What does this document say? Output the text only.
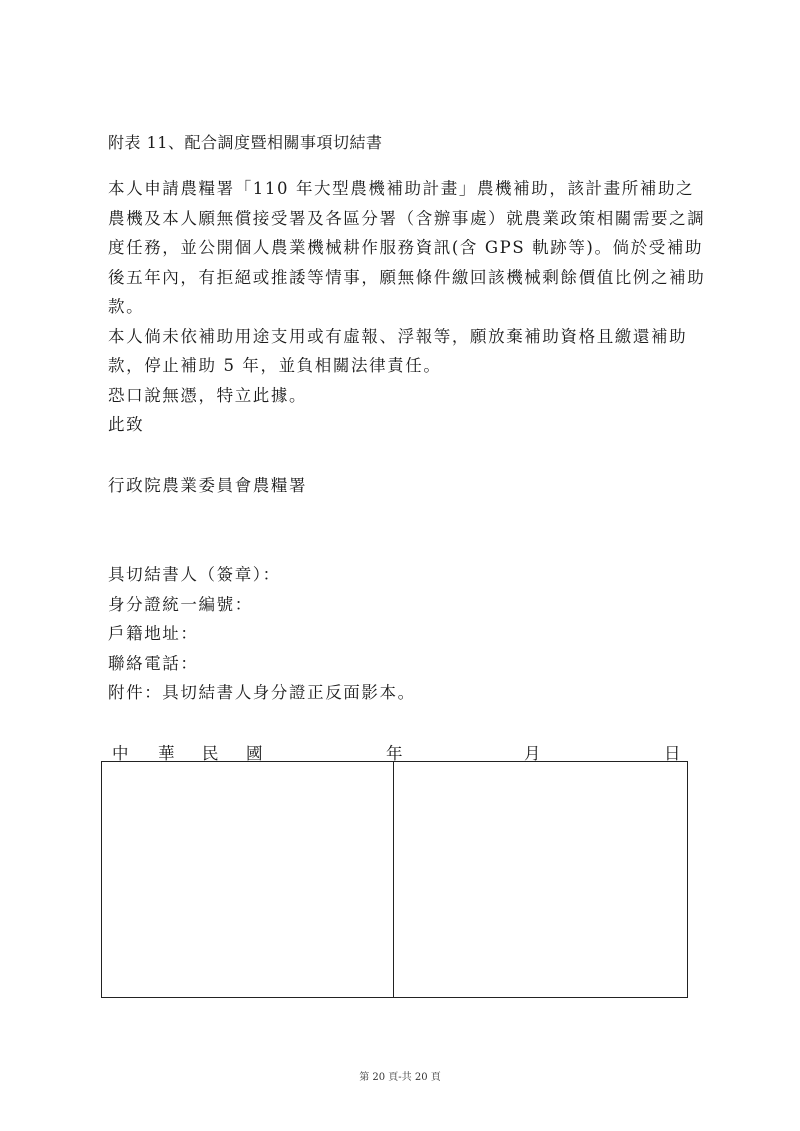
附表 11、配合調度暨相關事項切結書

本人申請農糧署「110 年大型農機補助計畫」農機補助，該計畫所補助之農機及本人願無償接受署及各區分署（含辦事處）就農業政策相關需要之調度任務，並公開個人農業機械耕作服務資訊(含 GPS 軌跡等)。倘於受補助後五年內，有拒絕或推諉等情事，願無條件繳回該機械剩餘價值比例之補助款。

本人倘未依補助用途支用或有虛報、浮報等，願放棄補助資格且繳還補助款，停止補助 5 年，並負相關法律責任。

恐口說無憑，特立此據。

此致

行政院農業委員會農糧署
具切結書人（簽章）：
身分證統一編號：
戶籍地址：
聯絡電話：
附件：具切結書人身分證正反面影本。
中 華 民 國	年	月	日
第 20 頁-共 20 頁
